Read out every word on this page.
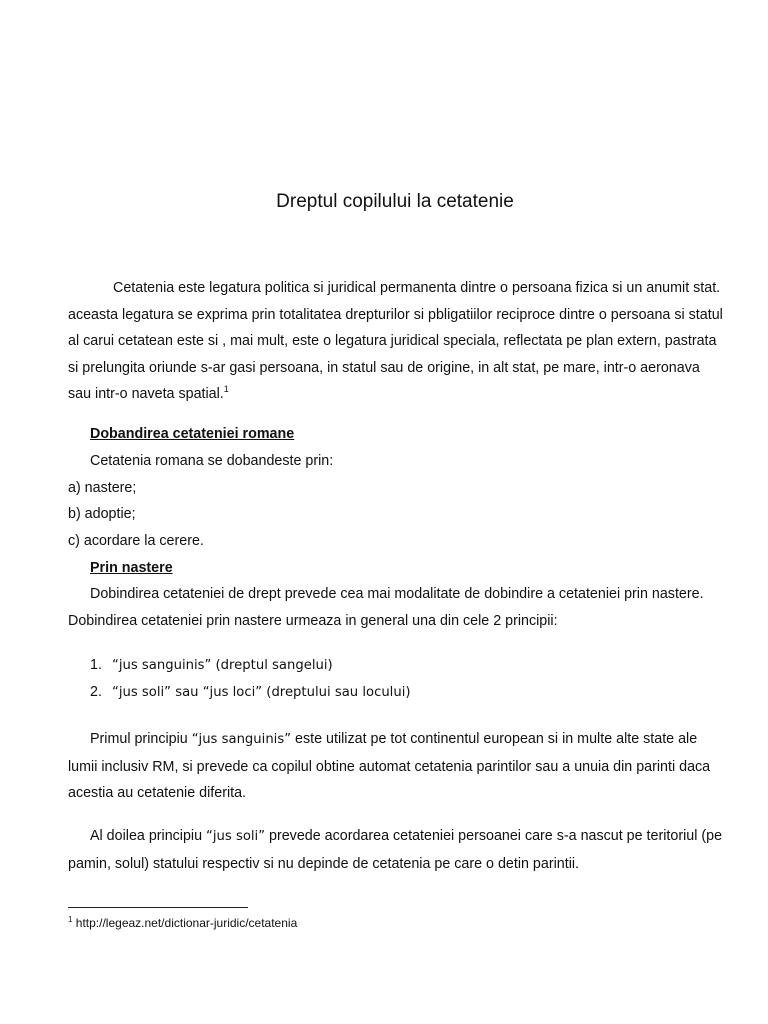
Dreptul copilului la cetatenie

Cetatenia este legatura politica si juridical permanenta dintre o persoana fizica si un anumit stat. aceasta legatura se exprima prin totalitatea drepturilor si pbligatiilor reciproce dintre o persoana si statul al carui cetatean este si , mai mult, este o legatura juridical speciala, reflectata pe plan extern, pastrata si prelungita oriunde s-ar gasi persoana, in statul sau de origine, in alt stat, pe mare, intr-o aeronava sau intr-o naveta spatial.$^1$

Dobandirea cetateniei romane
Cetatenia romana se dobandeste prin:
a) nastere;
b) adoptie;
c) acordare la cerere.
Prin nastere

Dobindirea cetateniei de drept prevede cea mai modalitate de dobindire a cetateniei prin nastere. Dobindirea cetateniei prin nastere urmeaza in general una din cele 2 principii:

1. “jus sanguinis” (dreptul sangelui)
2. “jus soli” sau “jus loci” (dreptului sau locului)

Primul principiu “jus sanguinis” este utilizat pe tot continentul european si in multe alte state ale lumii inclusiv RM, si prevede ca copilul obtine automat cetatenia parintilor sau a unuia din parinti daca acestia au cetatenie diferita.

Al doilea principiu “jus soli” prevede acordarea cetateniei persoanei care s-a nascut pe teritoriul (pe pamin, solul) statului respectiv si nu depinde de cetatenia pe care o detin parintii.

$^1$ http://legeaz.net/dictionar-juridic/cetatenia
